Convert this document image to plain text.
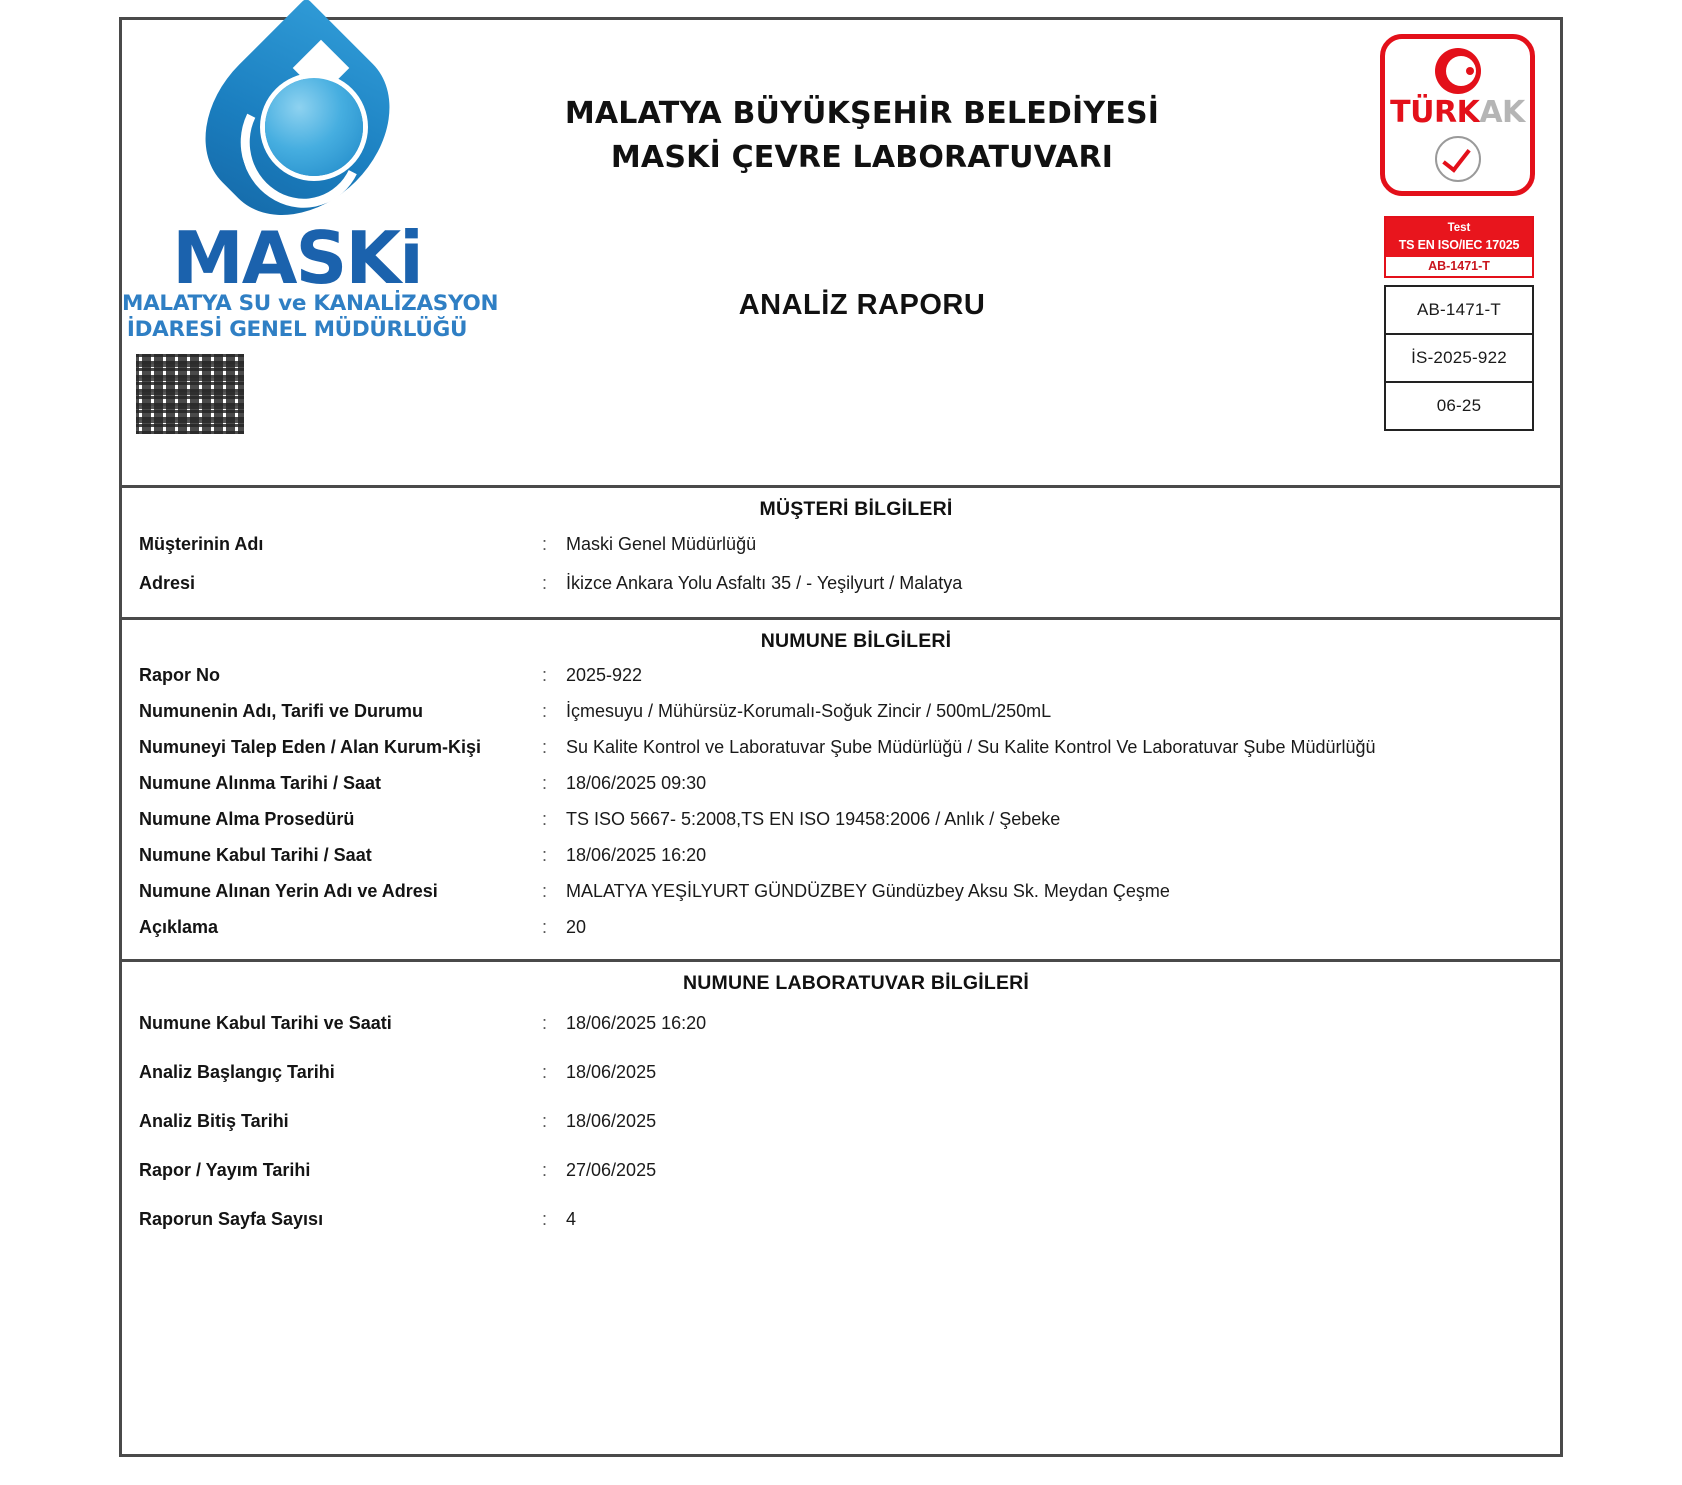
MASKi
MALATYA SU ve KANALİZASYON
İDARESİ GENEL MÜDÜRLÜĞÜ
MALATYA BÜYÜKŞEHİR BELEDİYESİ
MASKİ ÇEVRE LABORATUVARI
ANALİZ RAPORU
TÜRKAK
Test
TS EN ISO/IEC 17025
AB-1471-T
AB-1471-T
İS-2025-922
06-25
MÜŞTERİ BİLGİLERİ
Müşterinin Adı	:	Maski Genel Müdürlüğü
Adresi	:	İkizce Ankara Yolu Asfaltı 35 / - Yeşilyurt / Malatya
NUMUNE BİLGİLERİ
Rapor No	:	2025-922
Numunenin Adı, Tarifi ve Durumu	:	İçmesuyu / Mühürsüz-Korumalı-Soğuk Zincir / 500mL/250mL
Numuneyi Talep Eden / Alan Kurum-Kişi	:	Su Kalite Kontrol ve Laboratuvar Şube Müdürlüğü / Su Kalite Kontrol Ve Laboratuvar Şube Müdürlüğü
Numune Alınma Tarihi / Saat	:	18/06/2025 09:30
Numune Alma Prosedürü	:	TS ISO 5667- 5:2008,TS EN ISO 19458:2006 / Anlık / Şebeke
Numune Kabul Tarihi / Saat	:	18/06/2025 16:20
Numune Alınan Yerin Adı ve Adresi	:	MALATYA YEŞİLYURT GÜNDÜZBEY Gündüzbey Aksu Sk. Meydan Çeşme
Açıklama	:	20
NUMUNE LABORATUVAR BİLGİLERİ
Numune Kabul Tarihi ve Saati	:	18/06/2025 16:20
Analiz Başlangıç Tarihi	:	18/06/2025
Analiz Bitiş Tarihi	:	18/06/2025
Rapor / Yayım Tarihi	:	27/06/2025
Raporun Sayfa Sayısı	:	4
